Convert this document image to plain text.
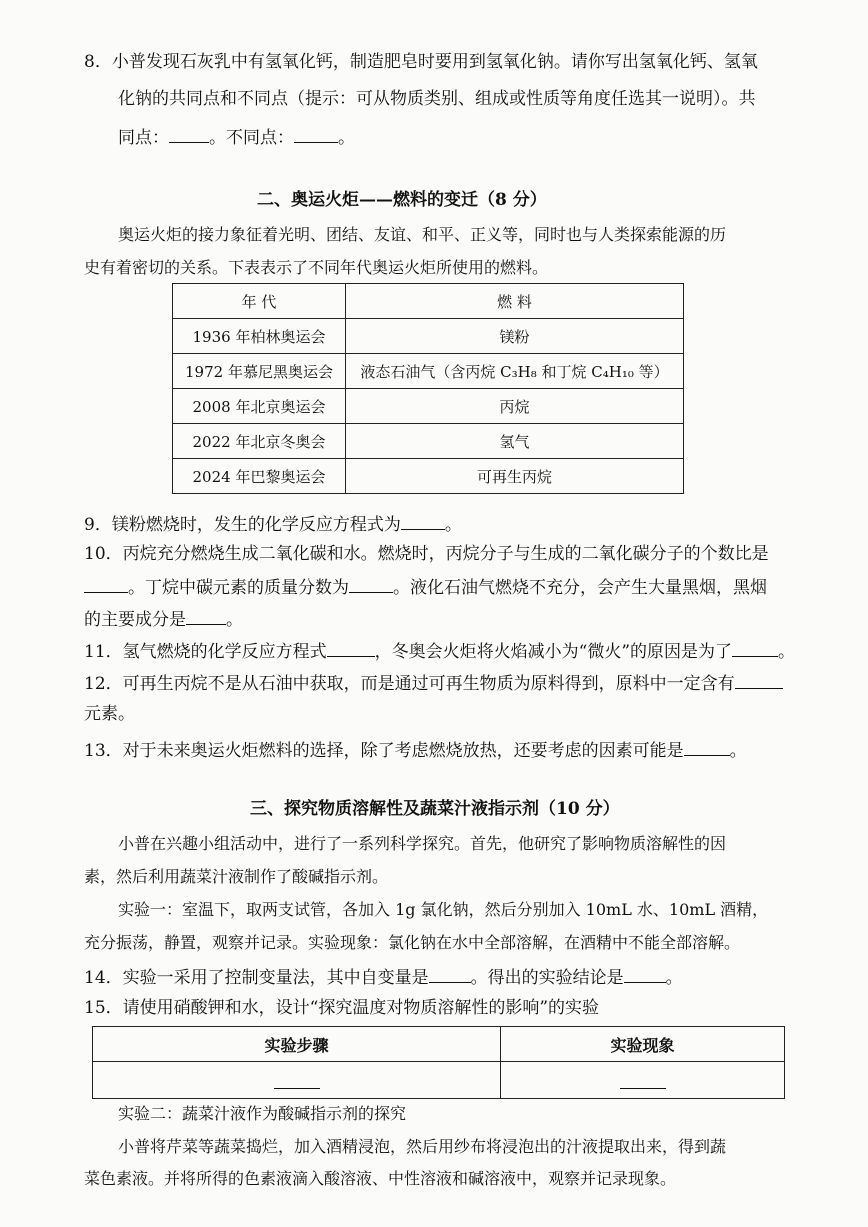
8．小普发现石灰乳中有氢氧化钙，制造肥皂时要用到氢氧化钠。请你写出氢氧化钙、氢氧
化钠的共同点和不同点（提示：可从物质类别、组成或性质等角度任选其一说明）。共
同点： 。不同点：	。
二、奥运火炬——燃料的变迁（8 分）
奥运火炬的接力象征着光明、团结、友谊、和平、正义等，同时也与人类探索能源的历
史有着密切的关系。下表表示了不同年代奥运火炬所使用的燃料。
年 代	燃 料
1936 年柏林奥运会	镁粉
1972 年慕尼黑奥运会	液态石油气（含丙烷 C₃H₈ 和丁烷 C₄H₁₀ 等）
2008 年北京奥运会	丙烷
2022 年北京冬奥会	氢气
2024 年巴黎奥运会	可再生丙烷
9．镁粉燃烧时，发生的化学反应方程式为	。
10．丙烷充分燃烧生成二氧化碳和水。燃烧时，丙烷分子与生成的二氧化碳分子的个数比是
。丁烷中碳元素的质量分数为	。液化石油气燃烧不充分，会产生大量黑烟，黑烟
的主要成分是 。
11．氢气燃烧的化学反应方程式	，冬奥会火炬将火焰减小为“微火”的原因是为了	。
12．可再生丙烷不是从石油中获取，而是通过可再生物质为原料得到，原料中一定含有
元素。
13．对于未来奥运火炬燃料的选择，除了考虑燃烧放热，还要考虑的因素可能是	。
三、探究物质溶解性及蔬菜汁液指示剂（10 分）
小普在兴趣小组活动中，进行了一系列科学探究。首先，他研究了影响物质溶解性的因
素，然后利用蔬菜汁液制作了酸碱指示剂。
实验一：室温下，取两支试管，各加入 1g 氯化钠，然后分别加入 10mL 水、10mL 酒精，
充分振荡，静置，观察并记录。实验现象：氯化钠在水中全部溶解，在酒精中不能全部溶解。
14．实验一采用了控制变量法，其中自变量是 。得出的实验结论是 。
15．请使用硝酸钾和水，设计“探究温度对物质溶解性的影响”的实验
实验步骤	实验现象

实验二：蔬菜汁液作为酸碱指示剂的探究
小普将芹菜等蔬菜捣烂，加入酒精浸泡，然后用纱布将浸泡出的汁液提取出来，得到蔬
菜色素液。并将所得的色素液滴入酸溶液、中性溶液和碱溶液中，观察并记录现象。
